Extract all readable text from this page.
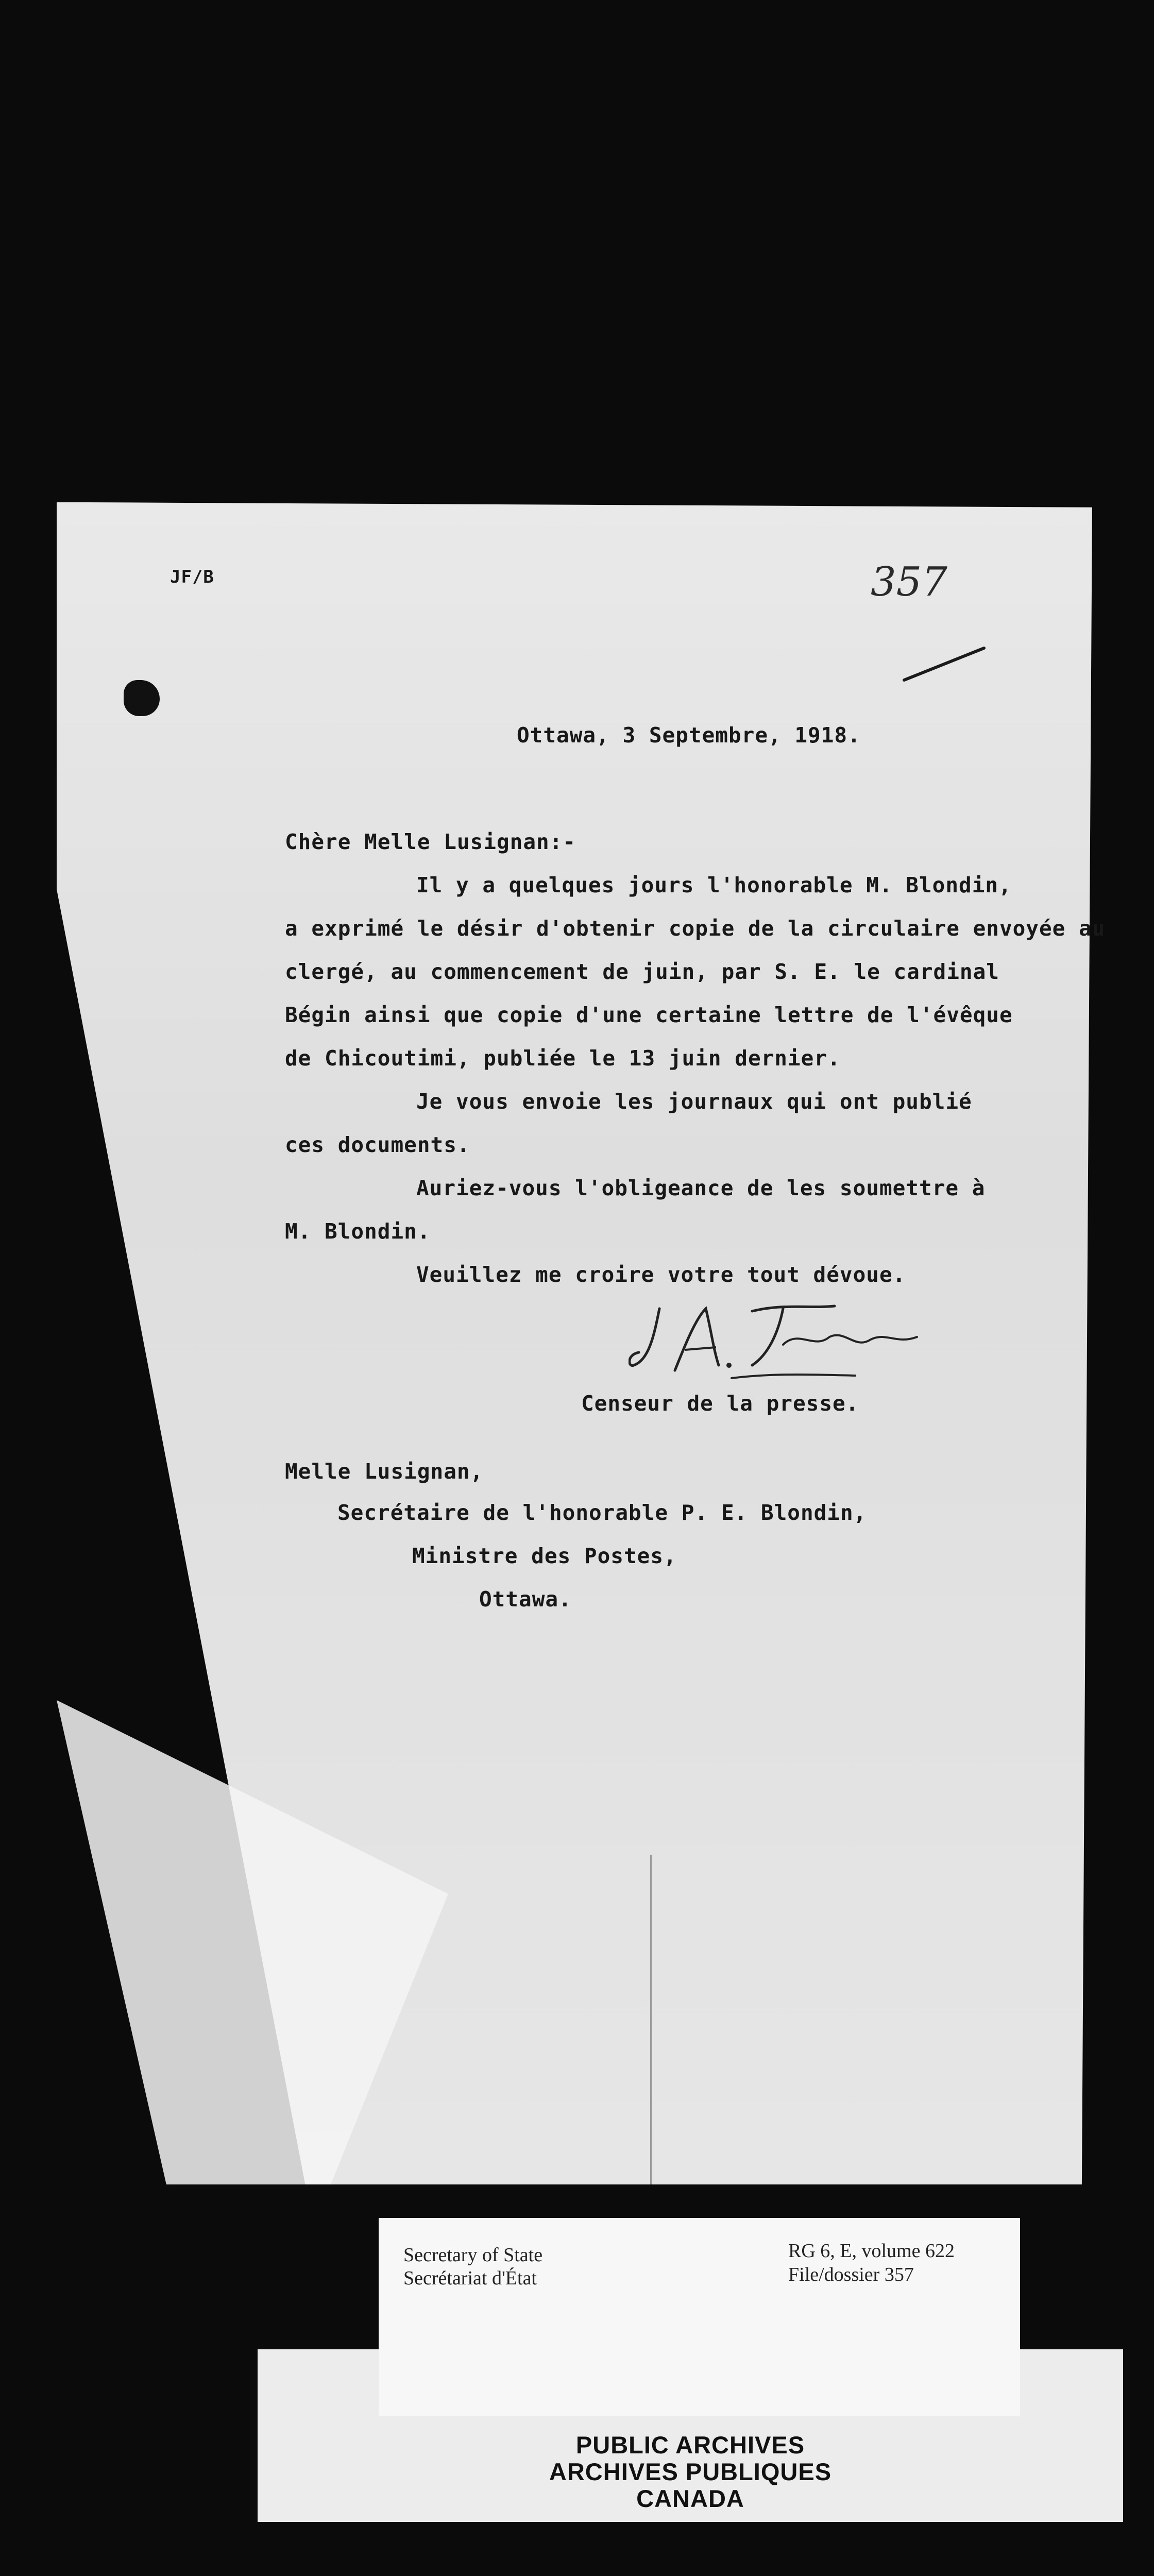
JF/B	357
Ottawa, 3 Septembre, 1918.
Chère Melle Lusignan:-
Il y a quelques jours l'honorable M. Blondin,
a exprimé le désir d'obtenir copie de la circulaire envoyée au
clergé, au commencement de juin, par S. E. le cardinal
Bégin ainsi que copie d'une certaine lettre de l'évêque
de Chicoutimi, publiée le 13 juin dernier.
Je vous envoie les journaux qui ont publié
ces documents.
Auriez-vous l'obligeance de les soumettre à
M. Blondin.
Veuillez me croire votre tout dévoue.
Censeur de la presse.
Melle Lusignan,
Secrétaire de l'honorable P. E. Blondin,
Ministre des Postes,
Ottawa.
PUBLIC ARCHIVES
ARCHIVES PUBLIQUES
CANADA
Secretary of State
Secrétariat d'État
RG 6, E, volume 622
File/dossier 357
